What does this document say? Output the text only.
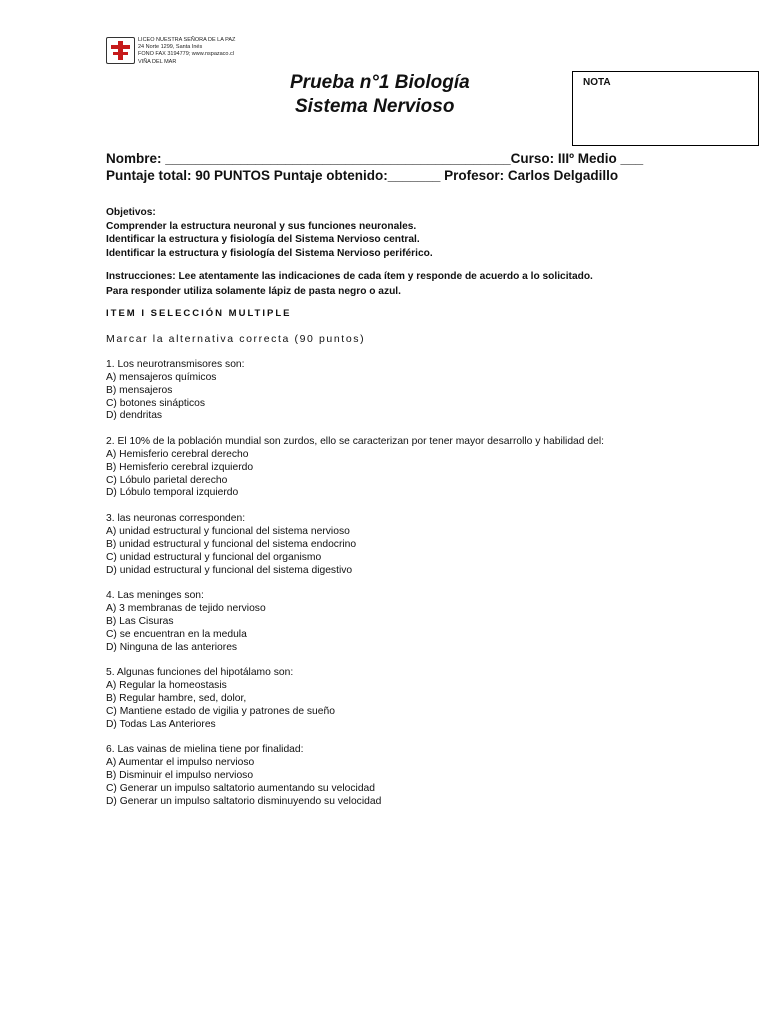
LICEO NUESTRA SEÑORA DE LA PAZ
24 Norte 1299, Santa Inés
FONO FAX 3194779; www.nspazaco.cl
VIÑA DEL MAR
Prueba n°1 Biología
Sistema Nervioso
NOTA
Nombre: ______________________________________________Curso: IIIº Medio ___
Puntaje total: 90 PUNTOS Puntaje obtenido:_______ Profesor: Carlos Delgadillo
Objetivos:
Comprender la estructura neuronal y sus funciones neuronales.
Identificar la estructura y fisiología del Sistema Nervioso central.
Identificar la estructura y fisiología del Sistema Nervioso periférico.
Instrucciones: Lee atentamente las indicaciones de cada ítem y responde de acuerdo a lo solicitado.
Para responder utiliza solamente lápiz de pasta negro o azul.
ITEM I SELECCIÓN MULTIPLE
Marcar la alternativa correcta (90 puntos)
1. Los neurotransmisores son:
A) mensajeros químicos
B) mensajeros
C) botones sinápticos
D) dendritas
2. El 10% de la población mundial son zurdos, ello se caracterizan por tener mayor desarrollo y habilidad del:
A) Hemisferio cerebral derecho
B) Hemisferio cerebral izquierdo
C) Lóbulo parietal derecho
D) Lóbulo temporal izquierdo
3. las neuronas corresponden:
A) unidad estructural y funcional del sistema nervioso
B) unidad estructural y funcional del sistema endocrino
C) unidad estructural y funcional del organismo
D) unidad estructural y funcional del sistema digestivo
4. Las meninges son:
A) 3 membranas de tejido nervioso
B) Las Cisuras
C) se encuentran en la medula
D) Ninguna de las anteriores
5. Algunas funciones del hipotálamo son:
A) Regular la homeostasis
B) Regular hambre, sed, dolor,
C) Mantiene estado de vigilia y patrones de sueño
D) Todas Las Anteriores
6. Las vainas de mielina tiene por finalidad:
A) Aumentar el impulso nervioso
B) Disminuir el impulso nervioso
C) Generar un impulso saltatorio aumentando su velocidad
D) Generar un impulso saltatorio disminuyendo su velocidad
